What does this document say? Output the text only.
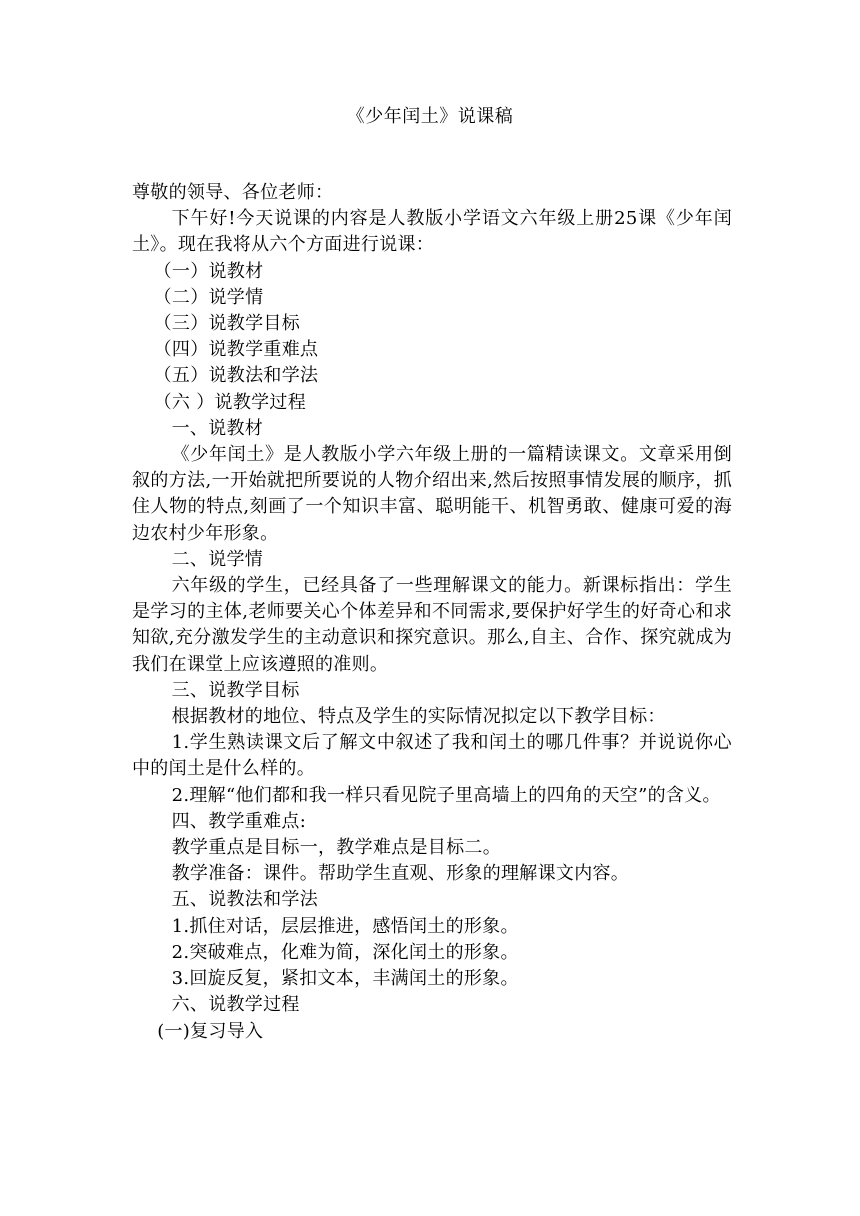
《少年闰土》说课稿

尊敬的领导、各位老师：

下午好!今天说课的内容是人教版小学语文六年级上册25课《少年闰土》。现在我将从六个方面进行说课：

（一）说教材

（二）说学情

（三）说教学目标

（四）说教学重难点

（五）说教法和学法

（六 ）说教学过程

一、说教材

《少年闰土》是人教版小学六年级上册的一篇精读课文。文章采用倒叙的方法,一开始就把所要说的人物介绍出来,然后按照事情发展的顺序，抓住人物的特点,刻画了一个知识丰富、聪明能干、机智勇敢、健康可爱的海边农村少年形象。

二、说学情

六年级的学生，已经具备了一些理解课文的能力。新课标指出：学生是学习的主体,老师要关心个体差异和不同需求,要保护好学生的好奇心和求知欲,充分激发学生的主动意识和探究意识。那么,自主、合作、探究就成为我们在课堂上应该遵照的准则。

三、说教学目标

根据教材的地位、特点及学生的实际情况拟定以下教学目标：

1.学生熟读课文后了解文中叙述了我和闰土的哪几件事？并说说你心中的闰土是什么样的。

2.理解“他们都和我一样只看见院子里高墙上的四角的天空”的含义。

四、教学重难点:

教学重点是目标一，教学难点是目标二。

教学准备：课件。帮助学生直观、形象的理解课文内容。

五、说教法和学法

1.抓住对话，层层推进，感悟闰土的形象。

2.突破难点，化难为简，深化闰土的形象。

3.回旋反复，紧扣文本，丰满闰土的形象。

六、说教学过程

(一)复习导入
